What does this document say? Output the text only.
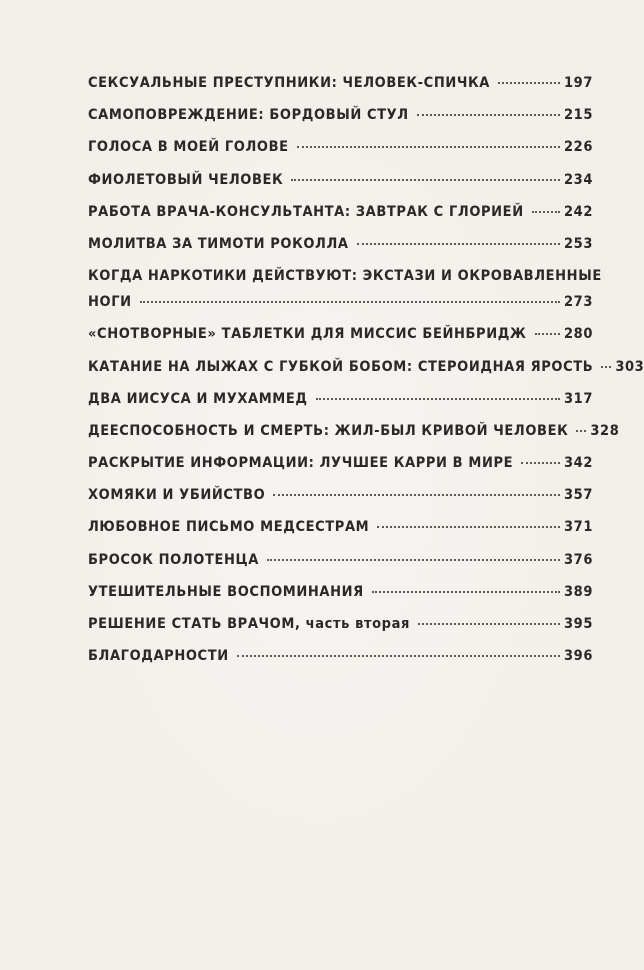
СЕКСУАЛЬНЫЕ ПРЕСТУПНИКИ: ЧЕЛОВЕК-СПИЧКА	197
САМОПОВРЕЖДЕНИЕ: БОРДОВЫЙ СТУЛ	215
ГОЛОСА В МОЕЙ ГОЛОВЕ	226
ФИОЛЕТОВЫЙ ЧЕЛОВЕК	234
РАБОТА ВРАЧА-КОНСУЛЬТАНТА: ЗАВТРАК С ГЛОРИЕЙ	242
МОЛИТВА ЗА ТИМОТИ РОКОЛЛА	253
КОГДА НАРКОТИКИ ДЕЙСТВУЮТ: ЭКСТАЗИ И ОКРОВАВЛЕННЫЕ
НОГИ	273
«СНОТВОРНЫЕ» ТАБЛЕТКИ ДЛЯ МИССИС БЕЙНБРИДЖ	280
КАТАНИЕ НА ЛЫЖАХ С ГУБКОЙ БОБОМ: СТЕРОИДНАЯ ЯРОСТЬ 303
ДВА ИИСУСА И МУХАММЕД	317
ДЕЕСПОСОБНОСТЬ И СМЕРТЬ: ЖИЛ-БЫЛ КРИВОЙ ЧЕЛОВЕК 328
РАСКРЫТИЕ ИНФОРМАЦИИ: ЛУЧШЕЕ КАРРИ В МИРЕ	342
ХОМЯКИ И УБИЙСТВО	357
ЛЮБОВНОЕ ПИСЬМО МЕДСЕСТРАМ	371
БРОСОК ПОЛОТЕНЦА	376
УТЕШИТЕЛЬНЫЕ ВОСПОМИНАНИЯ	389
РЕШЕНИЕ СТАТЬ ВРАЧОМ, часть вторая	395
БЛАГОДАРНОСТИ	396
